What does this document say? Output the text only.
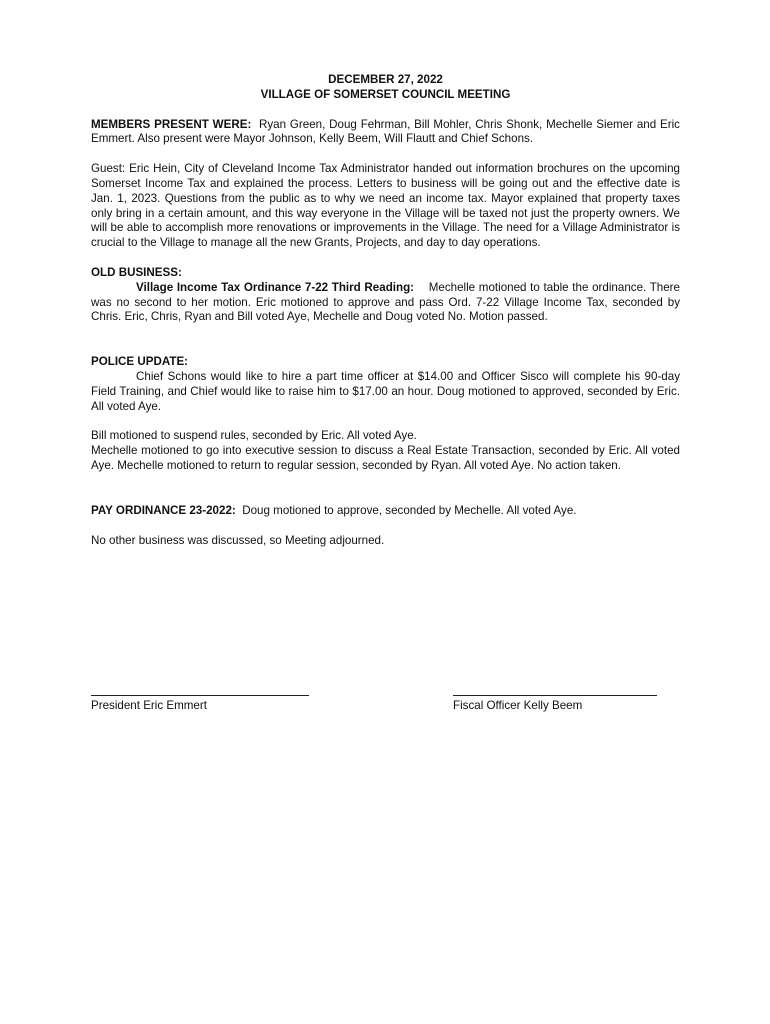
DECEMBER 27, 2022
VILLAGE OF SOMERSET COUNCIL MEETING

MEMBERS PRESENT WERE: Ryan Green, Doug Fehrman, Bill Mohler, Chris Shonk, Mechelle Siemer and Eric Emmert. Also present were Mayor Johnson, Kelly Beem, Will Flautt and Chief Schons.

Guest: Eric Hein, City of Cleveland Income Tax Administrator handed out information brochures on the upcoming Somerset Income Tax and explained the process. Letters to business will be going out and the effective date is Jan. 1, 2023. Questions from the public as to why we need an income tax. Mayor explained that property taxes only bring in a certain amount, and this way everyone in the Village will be taxed not just the property owners. We will be able to accomplish more renovations or improvements in the Village. The need for a Village Administrator is crucial to the Village to manage all the new Grants, Projects, and day to day operations.

OLD BUSINESS:

Village Income Tax Ordinance 7-22 Third Reading: Mechelle motioned to table the ordinance. There was no second to her motion. Eric motioned to approve and pass Ord. 7-22 Village Income Tax, seconded by Chris. Eric, Chris, Ryan and Bill voted Aye, Mechelle and Doug voted No. Motion passed.

POLICE UPDATE:

Chief Schons would like to hire a part time officer at $14.00 and Officer Sisco will complete his 90-day Field Training, and Chief would like to raise him to $17.00 an hour. Doug motioned to approved, seconded by Eric. All voted Aye.

Bill motioned to suspend rules, seconded by Eric. All voted Aye.

Mechelle motioned to go into executive session to discuss a Real Estate Transaction, seconded by Eric. All voted Aye. Mechelle motioned to return to regular session, seconded by Ryan. All voted Aye. No action taken.

PAY ORDINANCE 23-2022: Doug motioned to approve, seconded by Mechelle. All voted Aye.

No other business was discussed, so Meeting adjourned.

President Eric Emmert	Fiscal Officer Kelly Beem
